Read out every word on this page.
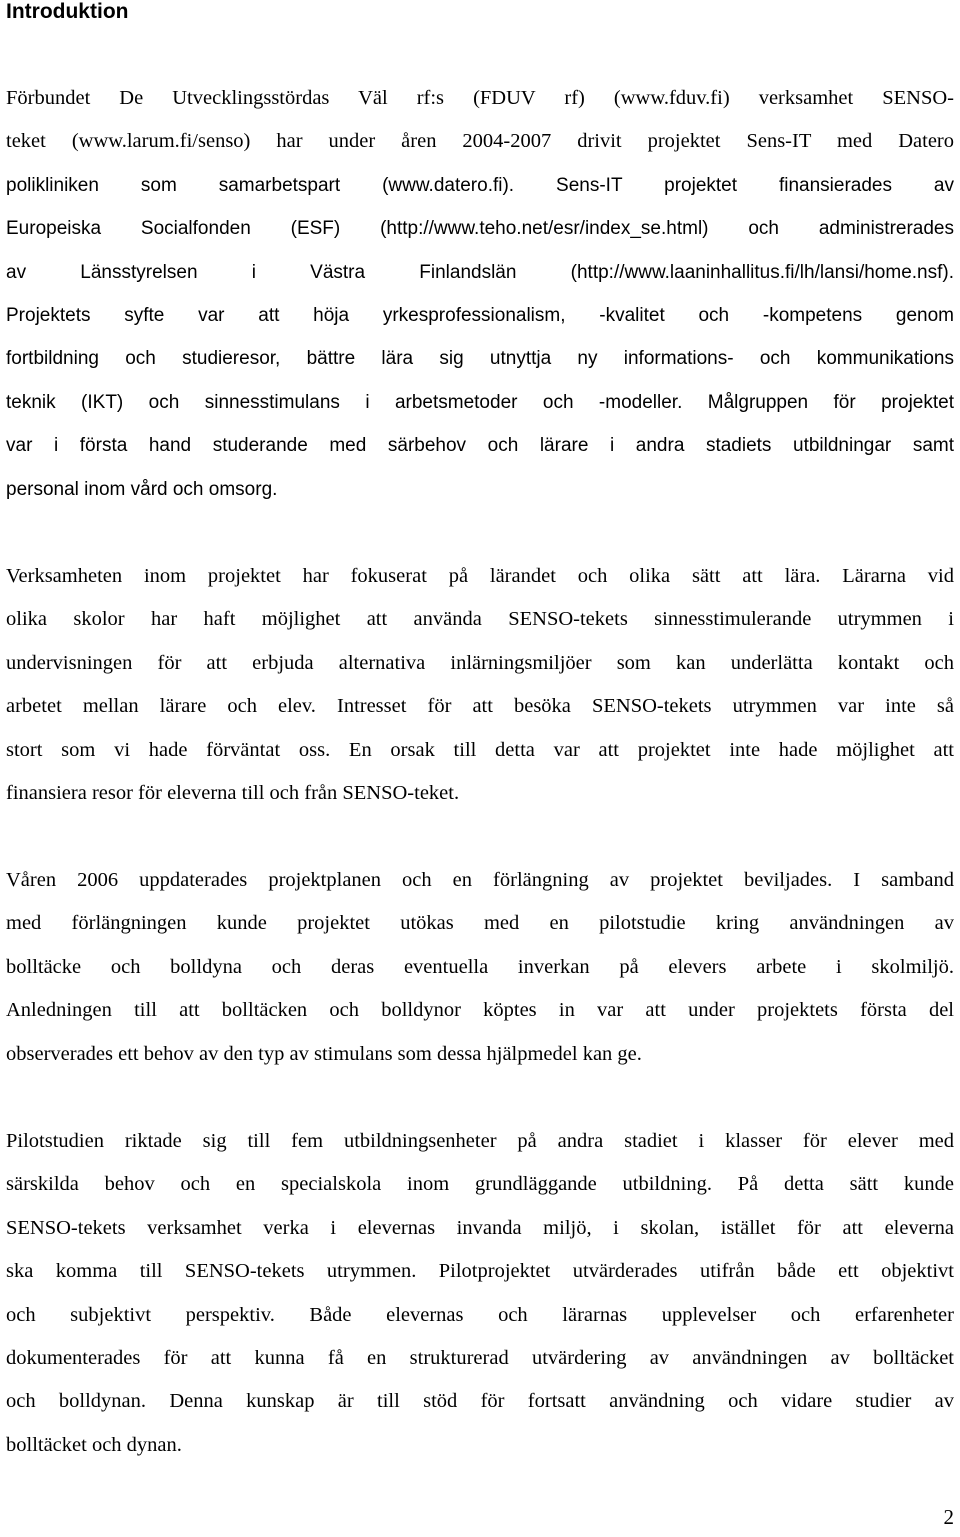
Introduktion
Förbundet De Utvecklingsstördas Väl rf:s (FDUV rf) (www.fduv.fi) verksamhet SENSO-
teket (www.larum.fi/senso) har under åren 2004-2007 drivit projektet Sens-IT med Datero
polikliniken som samarbetspart (www.datero.fi). Sens-IT projektet finansierades av
Europeiska Socialfonden (ESF) (http://www.teho.net/esr/index_se.html) och administrerades
av Länsstyrelsen i Västra Finlandslän (http://www.laaninhallitus.fi/lh/lansi/home.nsf).
Projektets syfte var att höja yrkesprofessionalism, -kvalitet och -kompetens genom
fortbildning och studieresor, bättre lära sig utnyttja ny informations- och kommunikations
teknik (IKT) och sinnesstimulans i arbetsmetoder och -modeller. Målgruppen för projektet
var i första hand studerande med särbehov och lärare i andra stadiets utbildningar samt
personal inom vård och omsorg.
Verksamheten inom projektet har fokuserat på lärandet och olika sätt att lära. Lärarna vid
olika skolor har haft möjlighet att använda SENSO-tekets sinnesstimulerande utrymmen i
undervisningen för att erbjuda alternativa inlärningsmiljöer som kan underlätta kontakt och
arbetet mellan lärare och elev. Intresset för att besöka SENSO-tekets utrymmen var inte så
stort som vi hade förväntat oss. En orsak till detta var att projektet inte hade möjlighet att
finansiera resor för eleverna till och från SENSO-teket.
Våren 2006 uppdaterades projektplanen och en förlängning av projektet beviljades. I samband
med förlängningen kunde projektet utökas med en pilotstudie kring användningen av
bolltäcke och bolldyna och deras eventuella inverkan på elevers arbete i skolmiljö.
Anledningen till att bolltäcken och bolldynor köptes in var att under projektets första del
observerades ett behov av den typ av stimulans som dessa hjälpmedel kan ge.
Pilotstudien riktade sig till fem utbildningsenheter på andra stadiet i klasser för elever med
särskilda behov och en specialskola inom grundläggande utbildning. På detta sätt kunde
SENSO-tekets verksamhet verka i elevernas invanda miljö, i skolan, istället för att eleverna
ska komma till SENSO-tekets utrymmen. Pilotprojektet utvärderades utifrån både ett objektivt
och subjektivt perspektiv. Både elevernas och lärarnas upplevelser och erfarenheter
dokumenterades för att kunna få en strukturerad utvärdering av användningen av bolltäcket
och bolldynan. Denna kunskap är till stöd för fortsatt användning och vidare studier av
bolltäcket och dynan.
2
